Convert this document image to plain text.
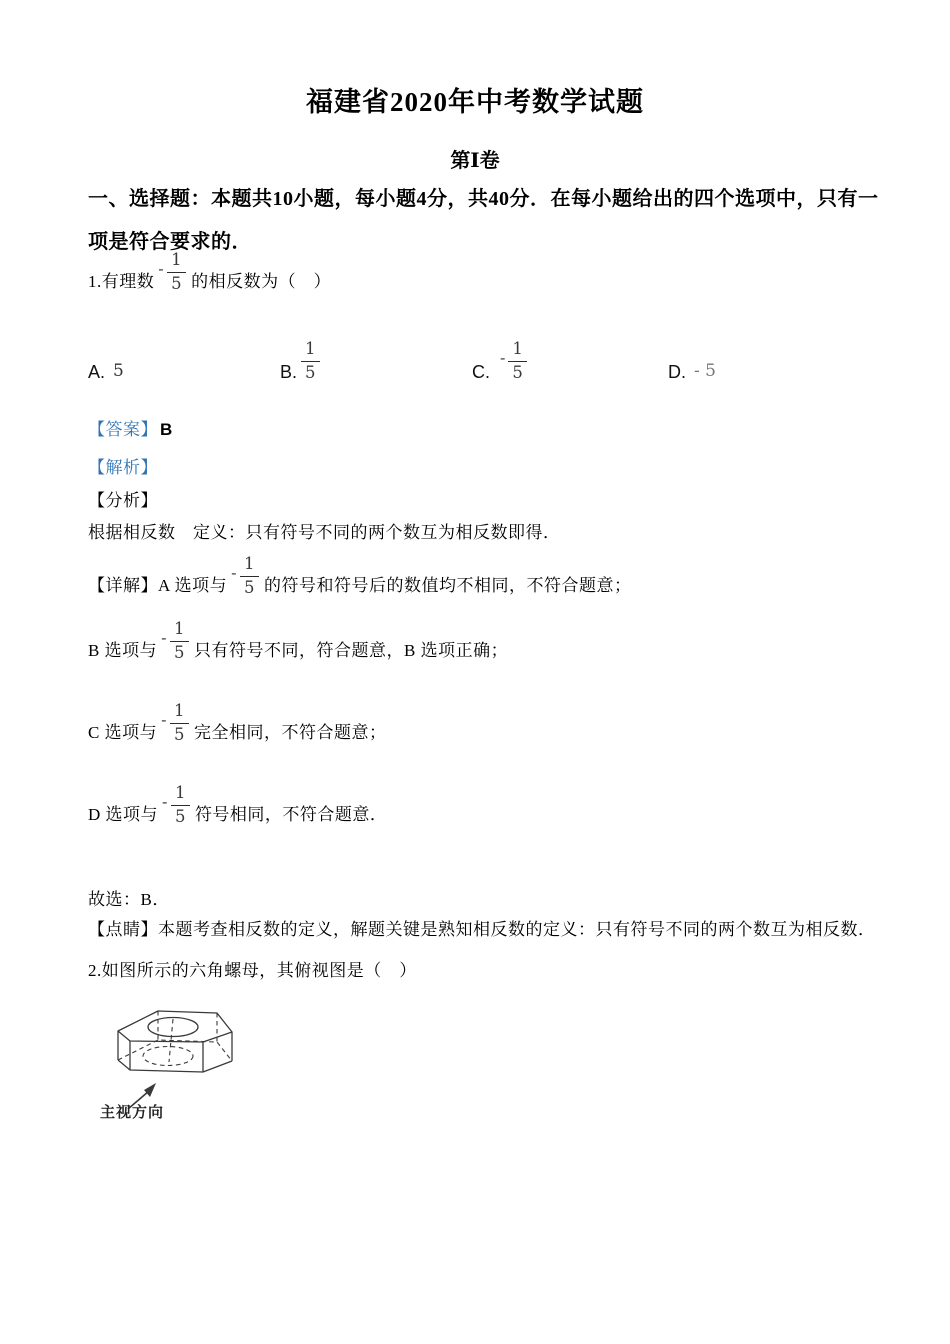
福建省2020年中考数学试题
第Ⅰ卷
一、选择题：本题共10小题，每小题4分，共40分．在每小题给出的四个选项中，只有一
项是符合要求的．
1.有理数
- $\frac{1}{5}$ 的相反数为（　）
A. 5	B.
1
5	C.
- 1
5	D. - 5
【答案】 B
【解析】
【分析】
根据相反数　定义：只有符号不同的两个数互为相反数即得．
【详解】 A 选项与
- 1
5 的符号和符号后的数值均不相同，不符合题意；
B 选项与
- 1
5 只有符号不同，符合题意，B 选项正确；
C 选项与
- 1
5 完全相同，不符合题意；
D 选项与
- 1
5 符号相同，不符合题意．
故选：B．
【点睛】 本题考查相反数的定义，解题关键是熟知相反数的定义：只有符号不同的两个数互为相反数．
2.如图所示的六角螺母，其俯视图是（　）
主视方向
